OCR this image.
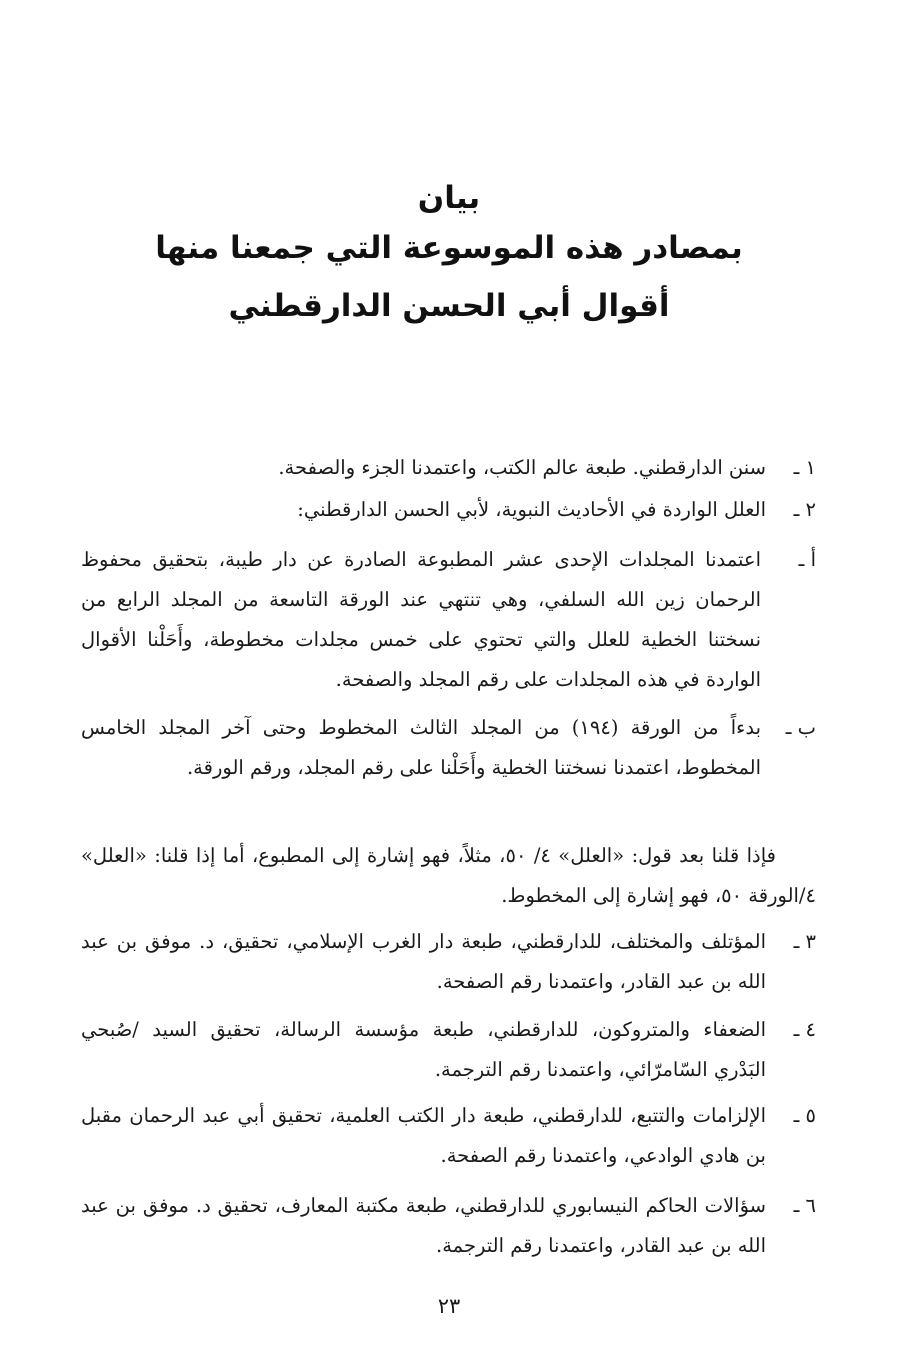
بيان
بمصادر هذه الموسوعة التي جمعنا منها
أقوال أبي الحسن الدارقطني
١ ـ
سنن الدارقطني. طبعة عالم الكتب، واعتمدنا الجزء والصفحة.
٢ ـ
العلل الواردة في الأحاديث النبوية، لأبي الحسن الدارقطني:
أ ـ
اعتمدنا المجلدات الإحدى عشر المطبوعة الصادرة عن دار طيبة، بتحقيق محفوظ الرحمان زين الله السلفي، وهي تنتهي عند الورقة التاسعة من المجلد الرابع من نسختنا الخطية للعلل والتي تحتوي على خمس مجلدات مخطوطة، وأَحَلْنا الأقوال الواردة في هذه المجلدات على رقم المجلد والصفحة.
ب ـ
بدءاً من الورقة (١٩٤) من المجلد الثالث المخطوط وحتى آخر المجلد الخامس المخطوط، اعتمدنا نسختنا الخطية وأَحَلْنا على رقم المجلد، ورقم الورقة.
فإذا قلنا بعد قول: «العلل» ٤/ ٥٠، مثلاً، فهو إشارة إلى المطبوع، أما إذا قلنا: «العلل» ٤/الورقة ٥٠، فهو إشارة إلى المخطوط.
٣ ـ
المؤتلف والمختلف، للدارقطني، طبعة دار الغرب الإسلامي، تحقيق، د. موفق بن عبد الله بن عبد القادر، واعتمدنا رقم الصفحة.
٤ ـ
الضعفاء والمتروكون، للدارقطني، طبعة مؤسسة الرسالة، تحقيق السيد /صُبحي البَدْري السّامرّائي، واعتمدنا رقم الترجمة.
٥ ـ
الإلزامات والتتبع، للدارقطني، طبعة دار الكتب العلمية، تحقيق أبي عبد الرحمان مقبل بن هادي الوادعي، واعتمدنا رقم الصفحة.
٦ ـ
سؤالات الحاكم النيسابوري للدارقطني، طبعة مكتبة المعارف، تحقيق د. موفق بن عبد الله بن عبد القادر، واعتمدنا رقم الترجمة.
٢٣
